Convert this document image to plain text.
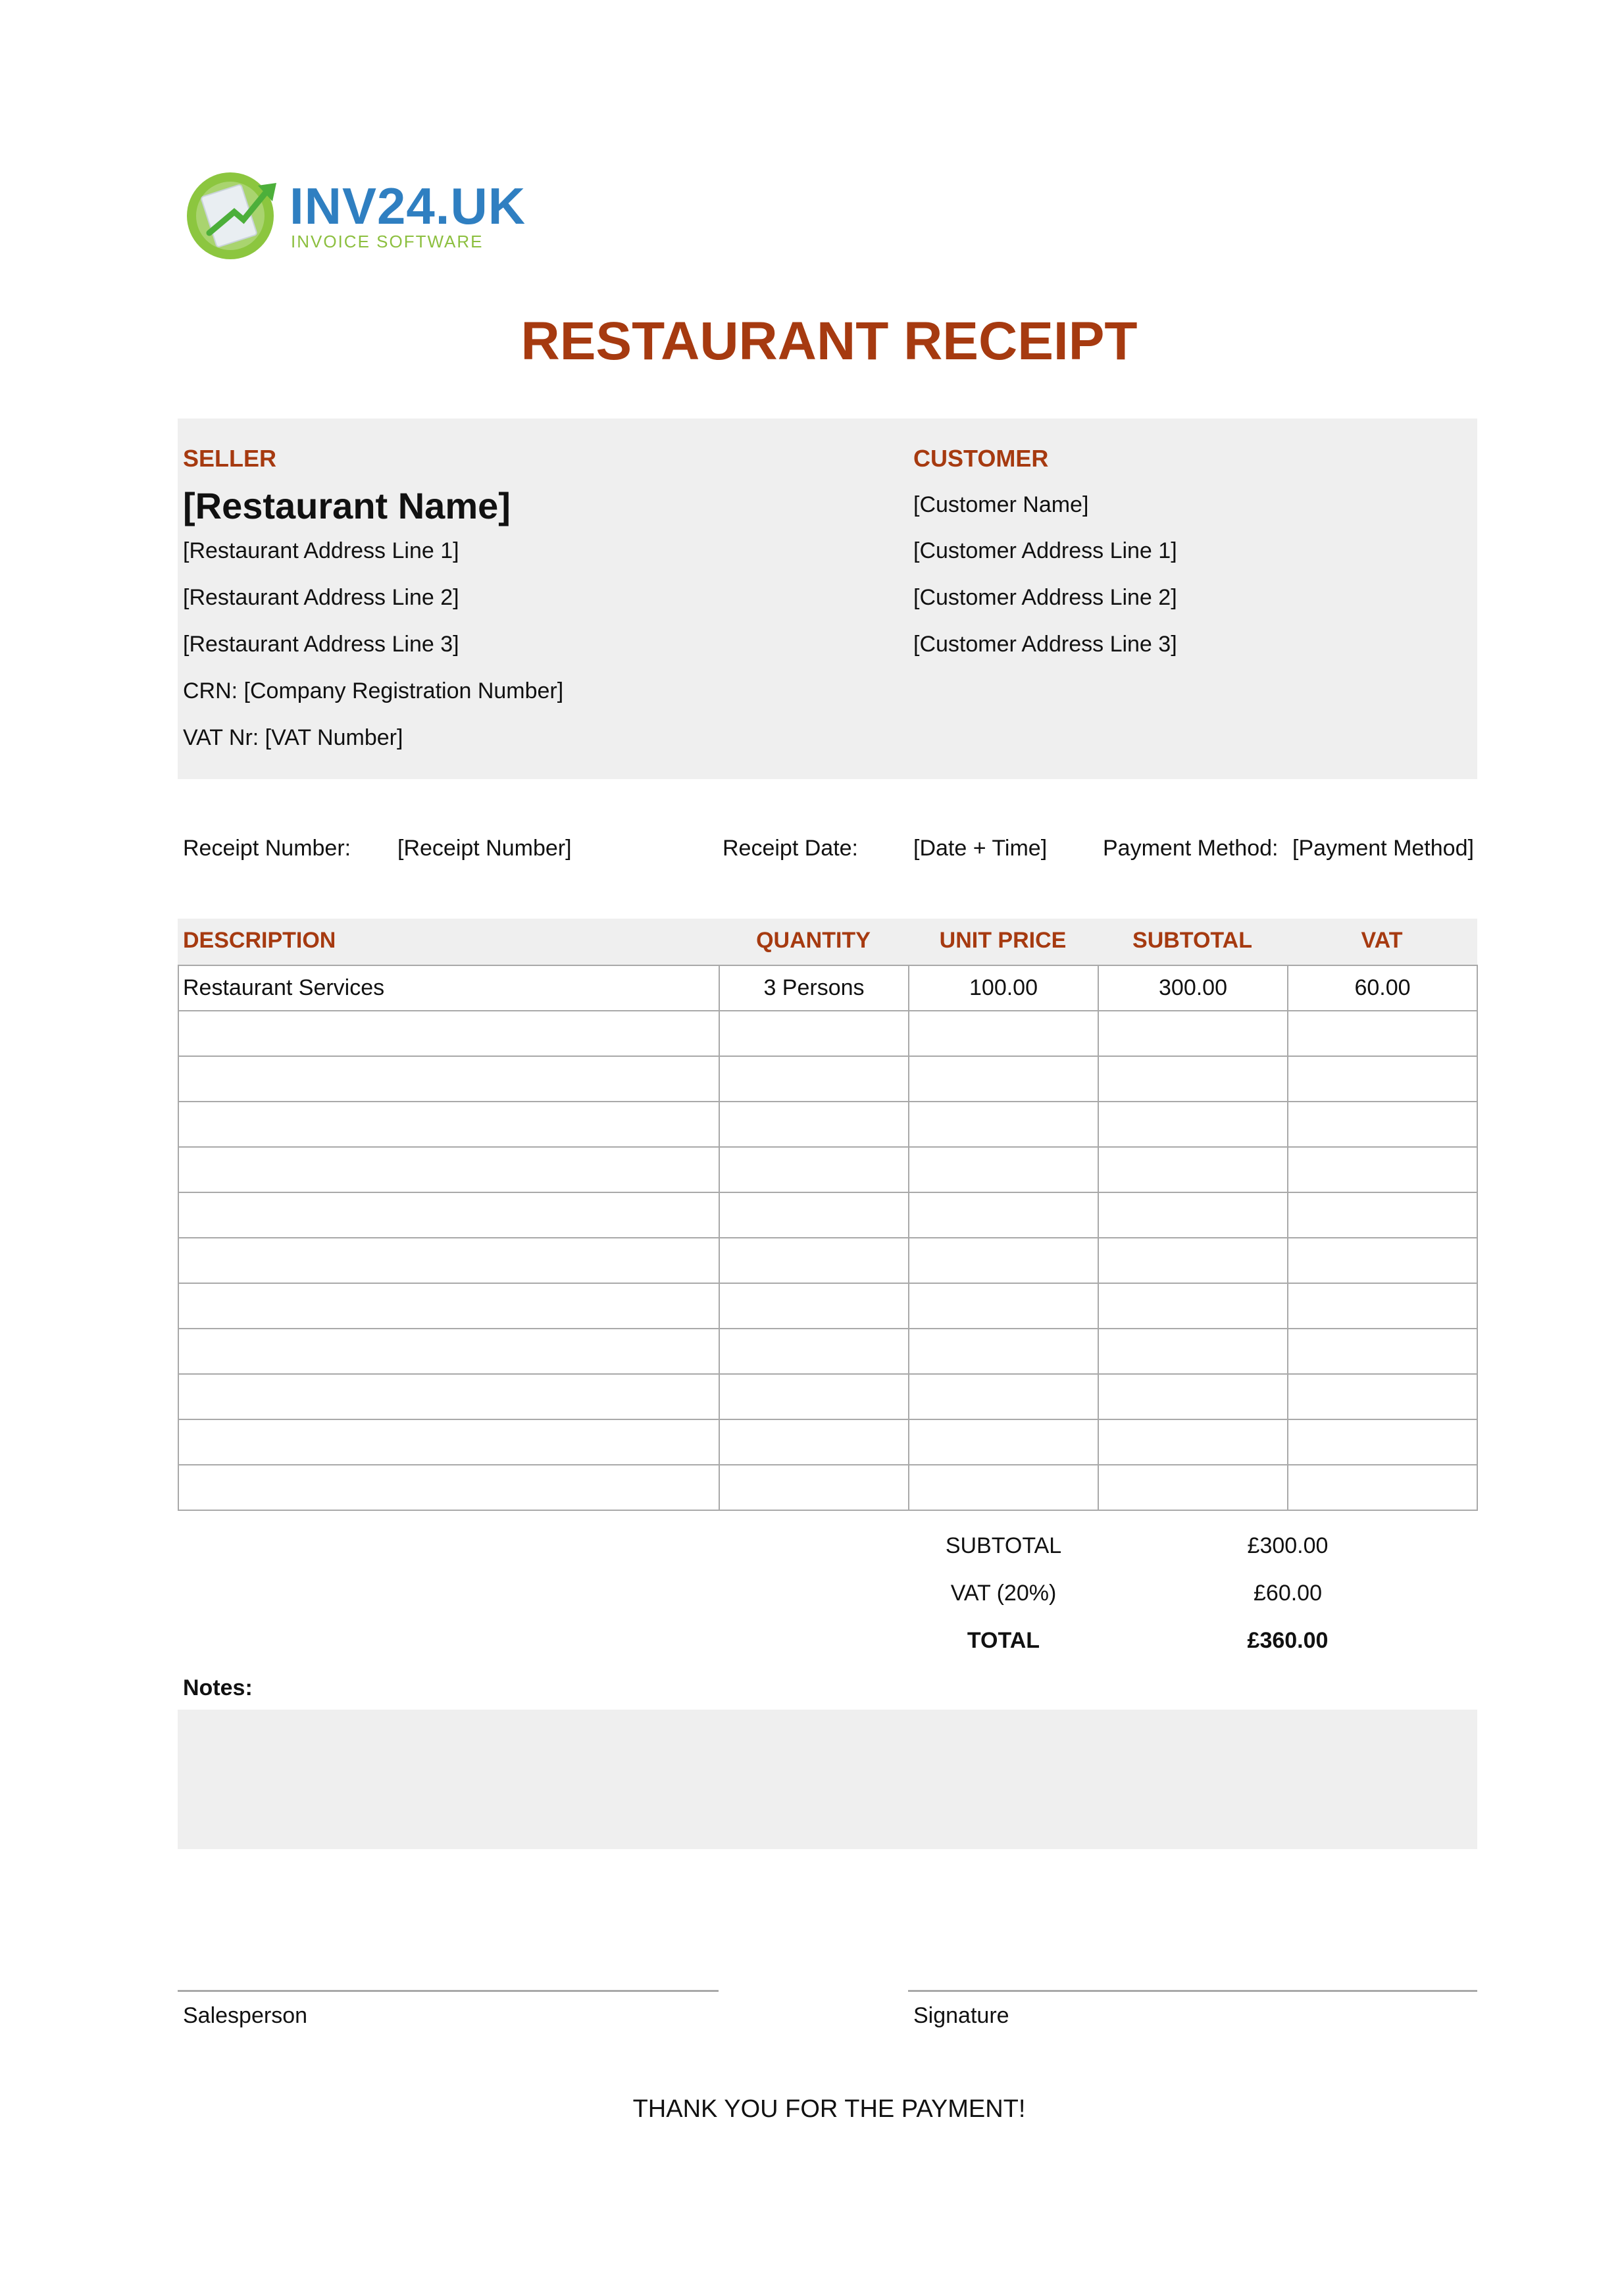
INV24.UK
INVOICE SOFTWARE
RESTAURANT RECEIPT
SELLER
[Restaurant Name]
[Restaurant Address Line 1]
[Restaurant Address Line 2]
[Restaurant Address Line 3]
CRN: [Company Registration Number]
VAT Nr: [VAT Number]
CUSTOMER
[Customer Name]
[Customer Address Line 1]
[Customer Address Line 2]
[Customer Address Line 3]
Receipt Number: [Receipt Number]	Receipt Date: [Date + Time] Payment Method: [Payment Method]
DESCRIPTION	QUANTITY	UNIT PRICE	SUBTOTAL	VAT
Restaurant Services	3 Persons	100.00	300.00	60.00

SUBTOTAL	£300.00
VAT (20%)	£60.00
TOTAL	£360.00
Notes:
Salesperson	Signature
THANK YOU FOR THE PAYMENT!
